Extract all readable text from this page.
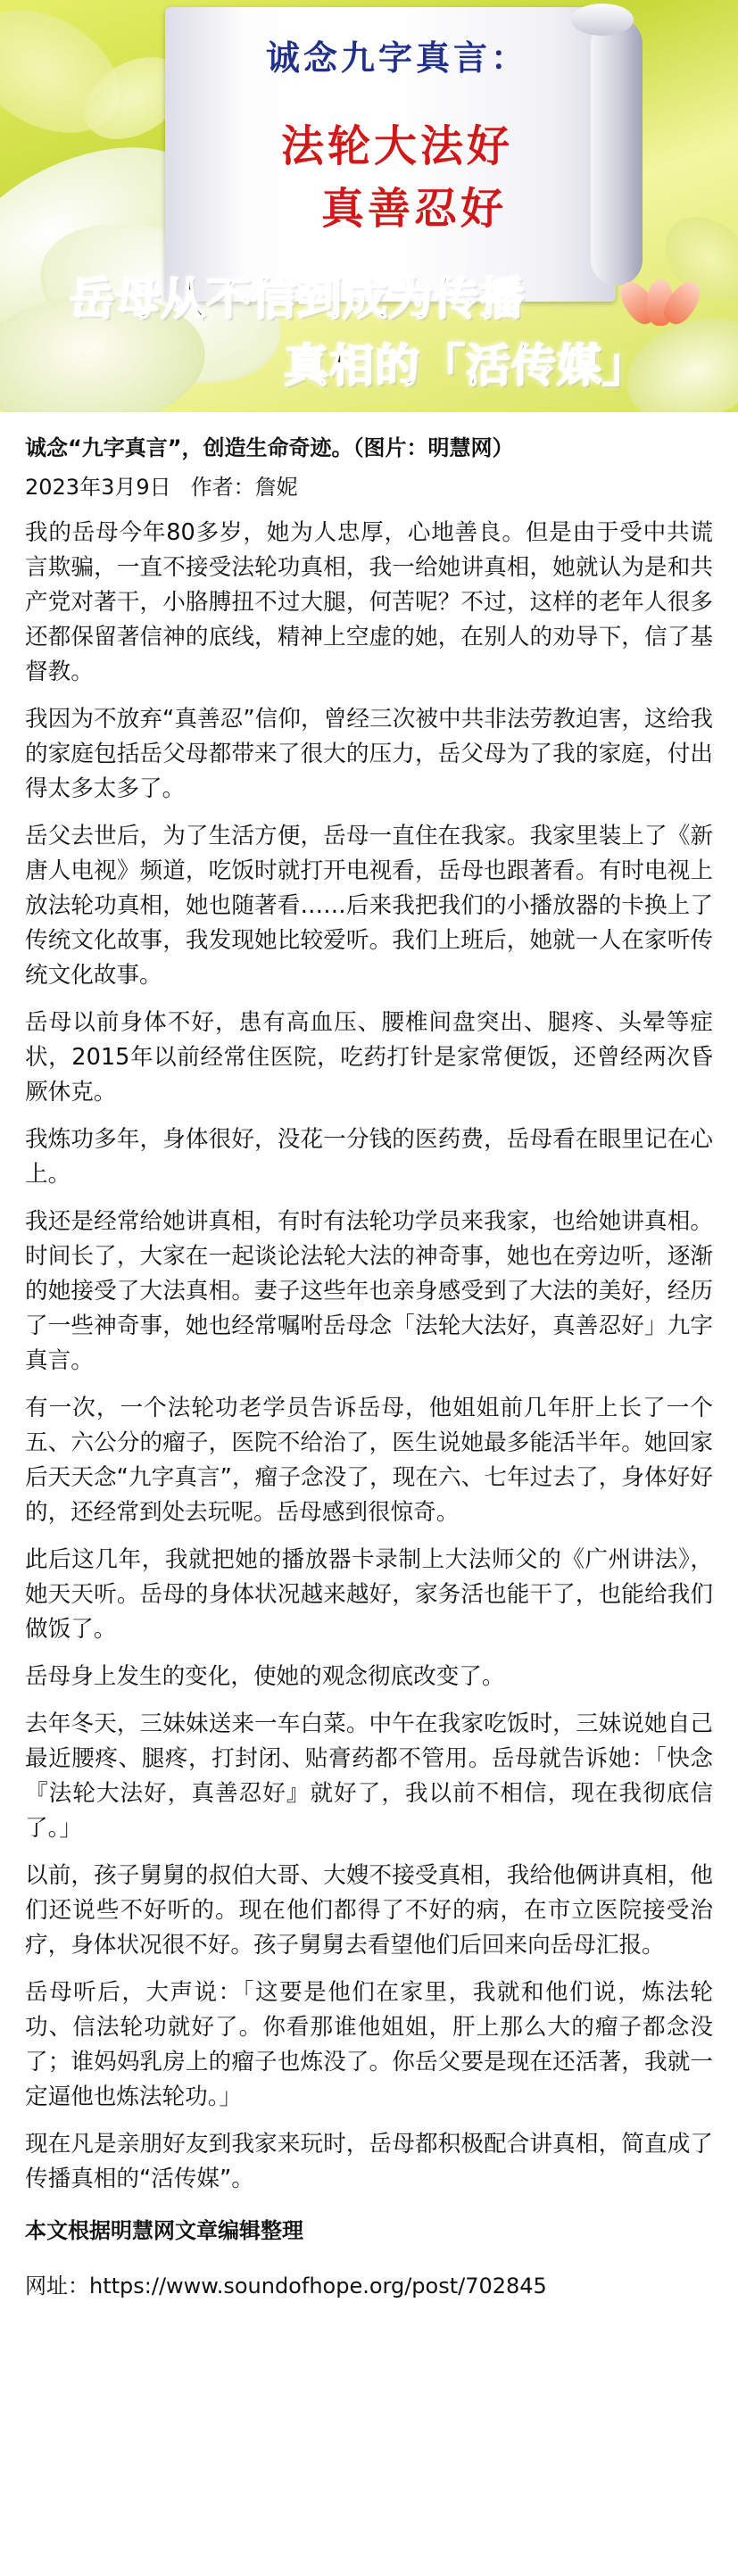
诚念九字真言：
法轮大法好
真善忍好
岳母从不信到成为传播
真相的「活传媒」

诚念“九字真言”，创造生命奇迹。（图片：明慧网）

2023年3月9日 作者：詹妮

我的岳母今年80多岁，她为人忠厚，心地善良。但是由于受中共谎言欺骗，一直不接受法轮功真相，我一给她讲真相，她就认为是和共产党对著干，小胳膊扭不过大腿，何苦呢？不过，这样的老年人很多还都保留著信神的底线，精神上空虚的她，在别人的劝导下，信了基督教。

我因为不放弃“真善忍”信仰，曾经三次被中共非法劳教迫害，这给我的家庭包括岳父母都带来了很大的压力，岳父母为了我的家庭，付出得太多太多了。

岳父去世后，为了生活方便，岳母一直住在我家。我家里装上了《新唐人电视》频道，吃饭时就打开电视看，岳母也跟著看。有时电视上放法轮功真相，她也随著看……后来我把我们的小播放器的卡换上了传统文化故事，我发现她比较爱听。我们上班后，她就一人在家听传统文化故事。

岳母以前身体不好，患有高血压、腰椎间盘突出、腿疼、头晕等症状，2015年以前经常住医院，吃药打针是家常便饭，还曾经两次昏厥休克。

我炼功多年，身体很好，没花一分钱的医药费，岳母看在眼里记在心上。

我还是经常给她讲真相，有时有法轮功学员来我家，也给她讲真相。时间长了，大家在一起谈论法轮大法的神奇事，她也在旁边听，逐渐的她接受了大法真相。妻子这些年也亲身感受到了大法的美好，经历了一些神奇事，她也经常嘱咐岳母念「法轮大法好，真善忍好」九字真言。

有一次，一个法轮功老学员告诉岳母，他姐姐前几年肝上长了一个五、六公分的瘤子，医院不给治了，医生说她最多能活半年。她回家后天天念“九字真言”，瘤子念没了，现在六、七年过去了，身体好好的，还经常到处去玩呢。岳母感到很惊奇。

此后这几年，我就把她的播放器卡录制上大法师父的《广州讲法》，她天天听。岳母的身体状况越来越好，家务活也能干了，也能给我们做饭了。

岳母身上发生的变化，使她的观念彻底改变了。

去年冬天，三妹妹送来一车白菜。中午在我家吃饭时，三妹说她自己最近腰疼、腿疼，打封闭、贴膏药都不管用。岳母就告诉她：「快念『法轮大法好，真善忍好』就好了，我以前不相信，现在我彻底信了。」

以前，孩子舅舅的叔伯大哥、大嫂不接受真相，我给他俩讲真相，他们还说些不好听的。现在他们都得了不好的病，在市立医院接受治疗，身体状况很不好。孩子舅舅去看望他们后回来向岳母汇报。

岳母听后，大声说：「这要是他们在家里，我就和他们说，炼法轮功、信法轮功就好了。你看那谁他姐姐，肝上那么大的瘤子都念没了；谁妈妈乳房上的瘤子也炼没了。你岳父要是现在还活著，我就一定逼他也炼法轮功。」

现在凡是亲朋好友到我家来玩时，岳母都积极配合讲真相，简直成了传播真相的“活传媒”。

本文根据明慧网文章编辑整理

网址：https://www.soundofhope.org/post/702845
